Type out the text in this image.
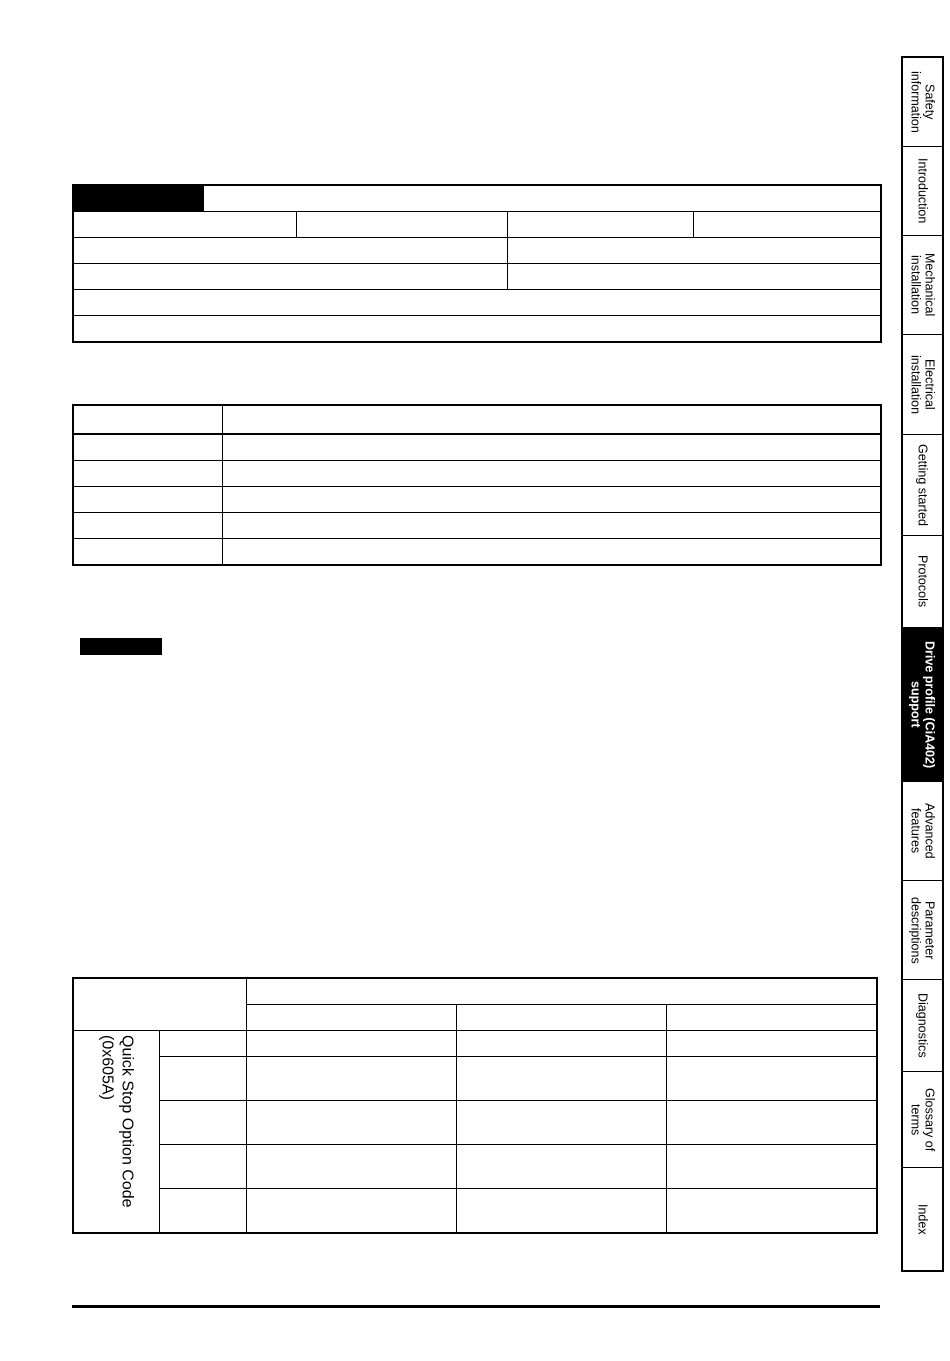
Quick Stop Option Code
(0x605A)				

Safety
information
Introduction
Mechanical
installation
Electrical
installation
Getting started
Protocols
Drive profile (CiA402)
support
Advanced
features
Parameter
descriptions
Diagnostics
Glossary of
terms
Index
